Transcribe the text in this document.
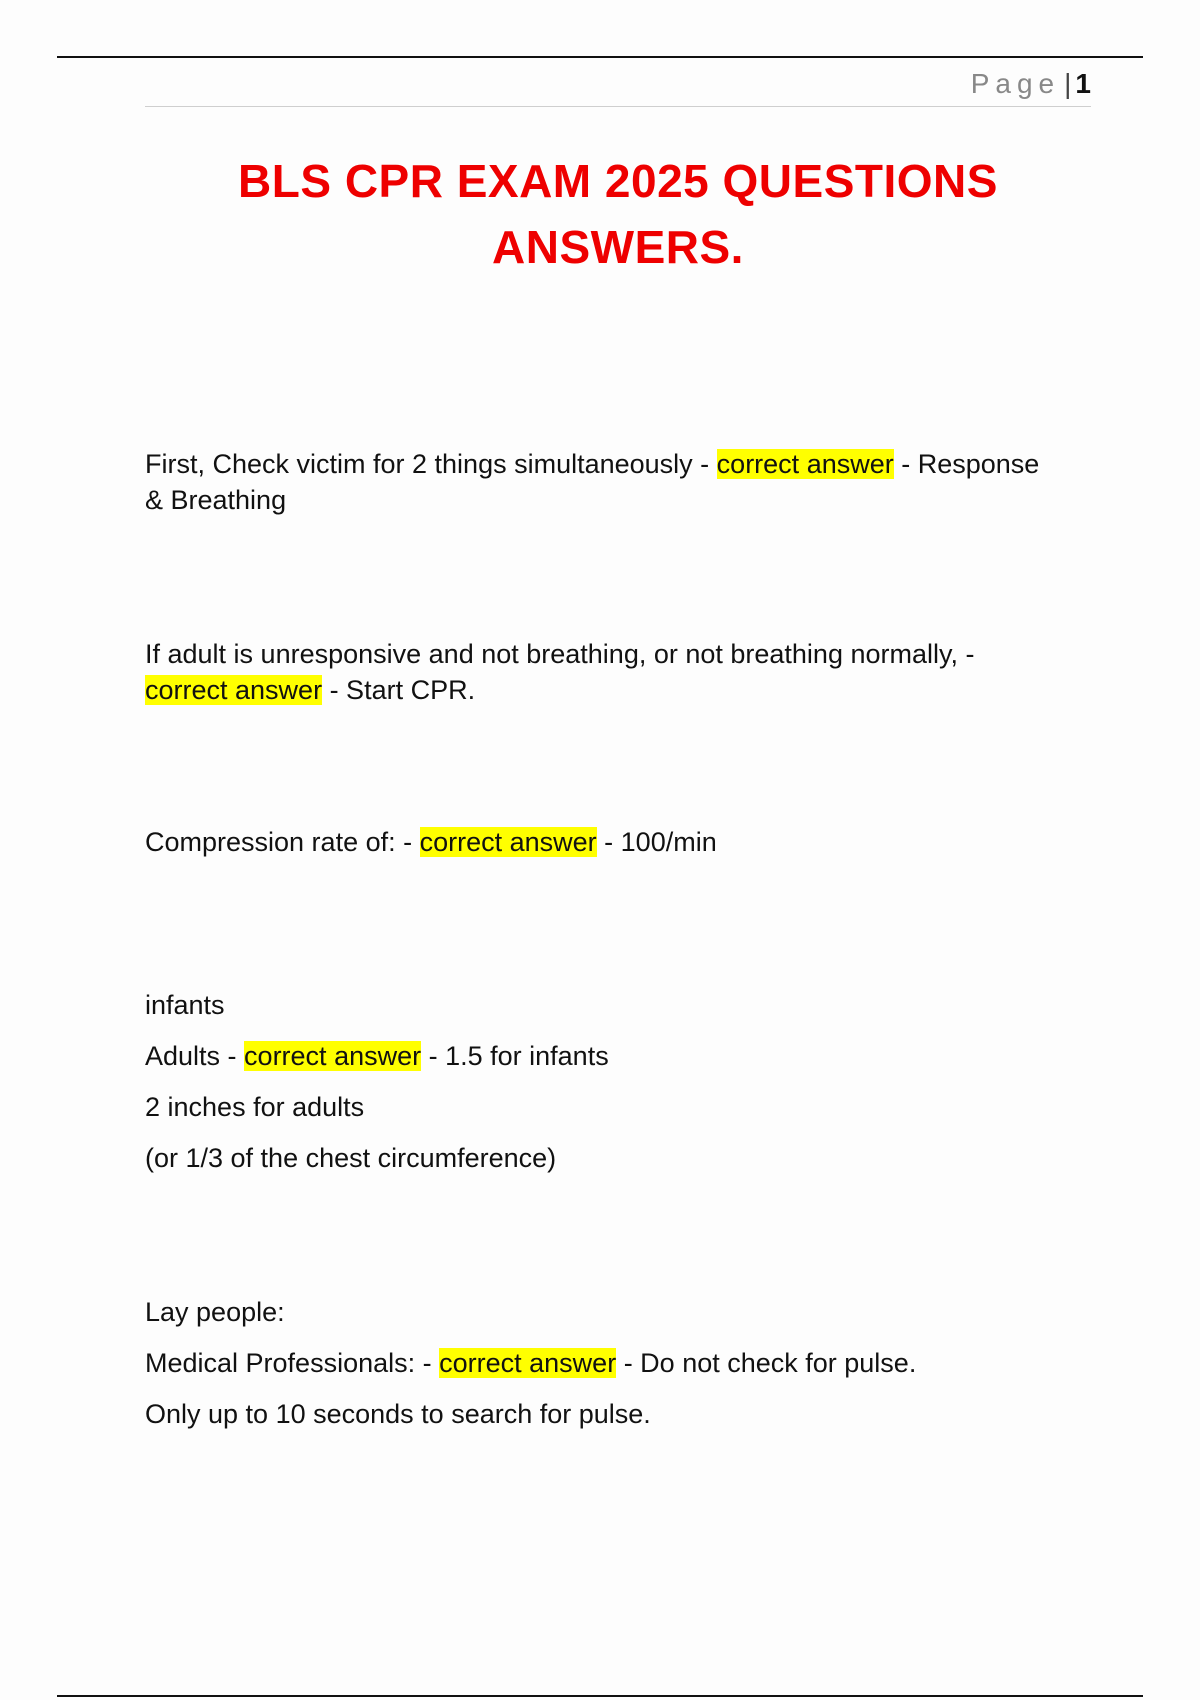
Page | 1
BLS CPR EXAM 2025 QUESTIONS
ANSWERS.

First, Check victim for 2 things simultaneously - correct answer - Response

& Breathing

If adult is unresponsive and not breathing, or not breathing normally, -

correct answer - Start CPR.

Compression rate of: - correct answer - 100/min

infants

Adults - correct answer - 1.5 for infants

2 inches for adults

(or 1/3 of the chest circumference)

Lay people:

Medical Professionals: - correct answer - Do not check for pulse.

Only up to 10 seconds to search for pulse.
